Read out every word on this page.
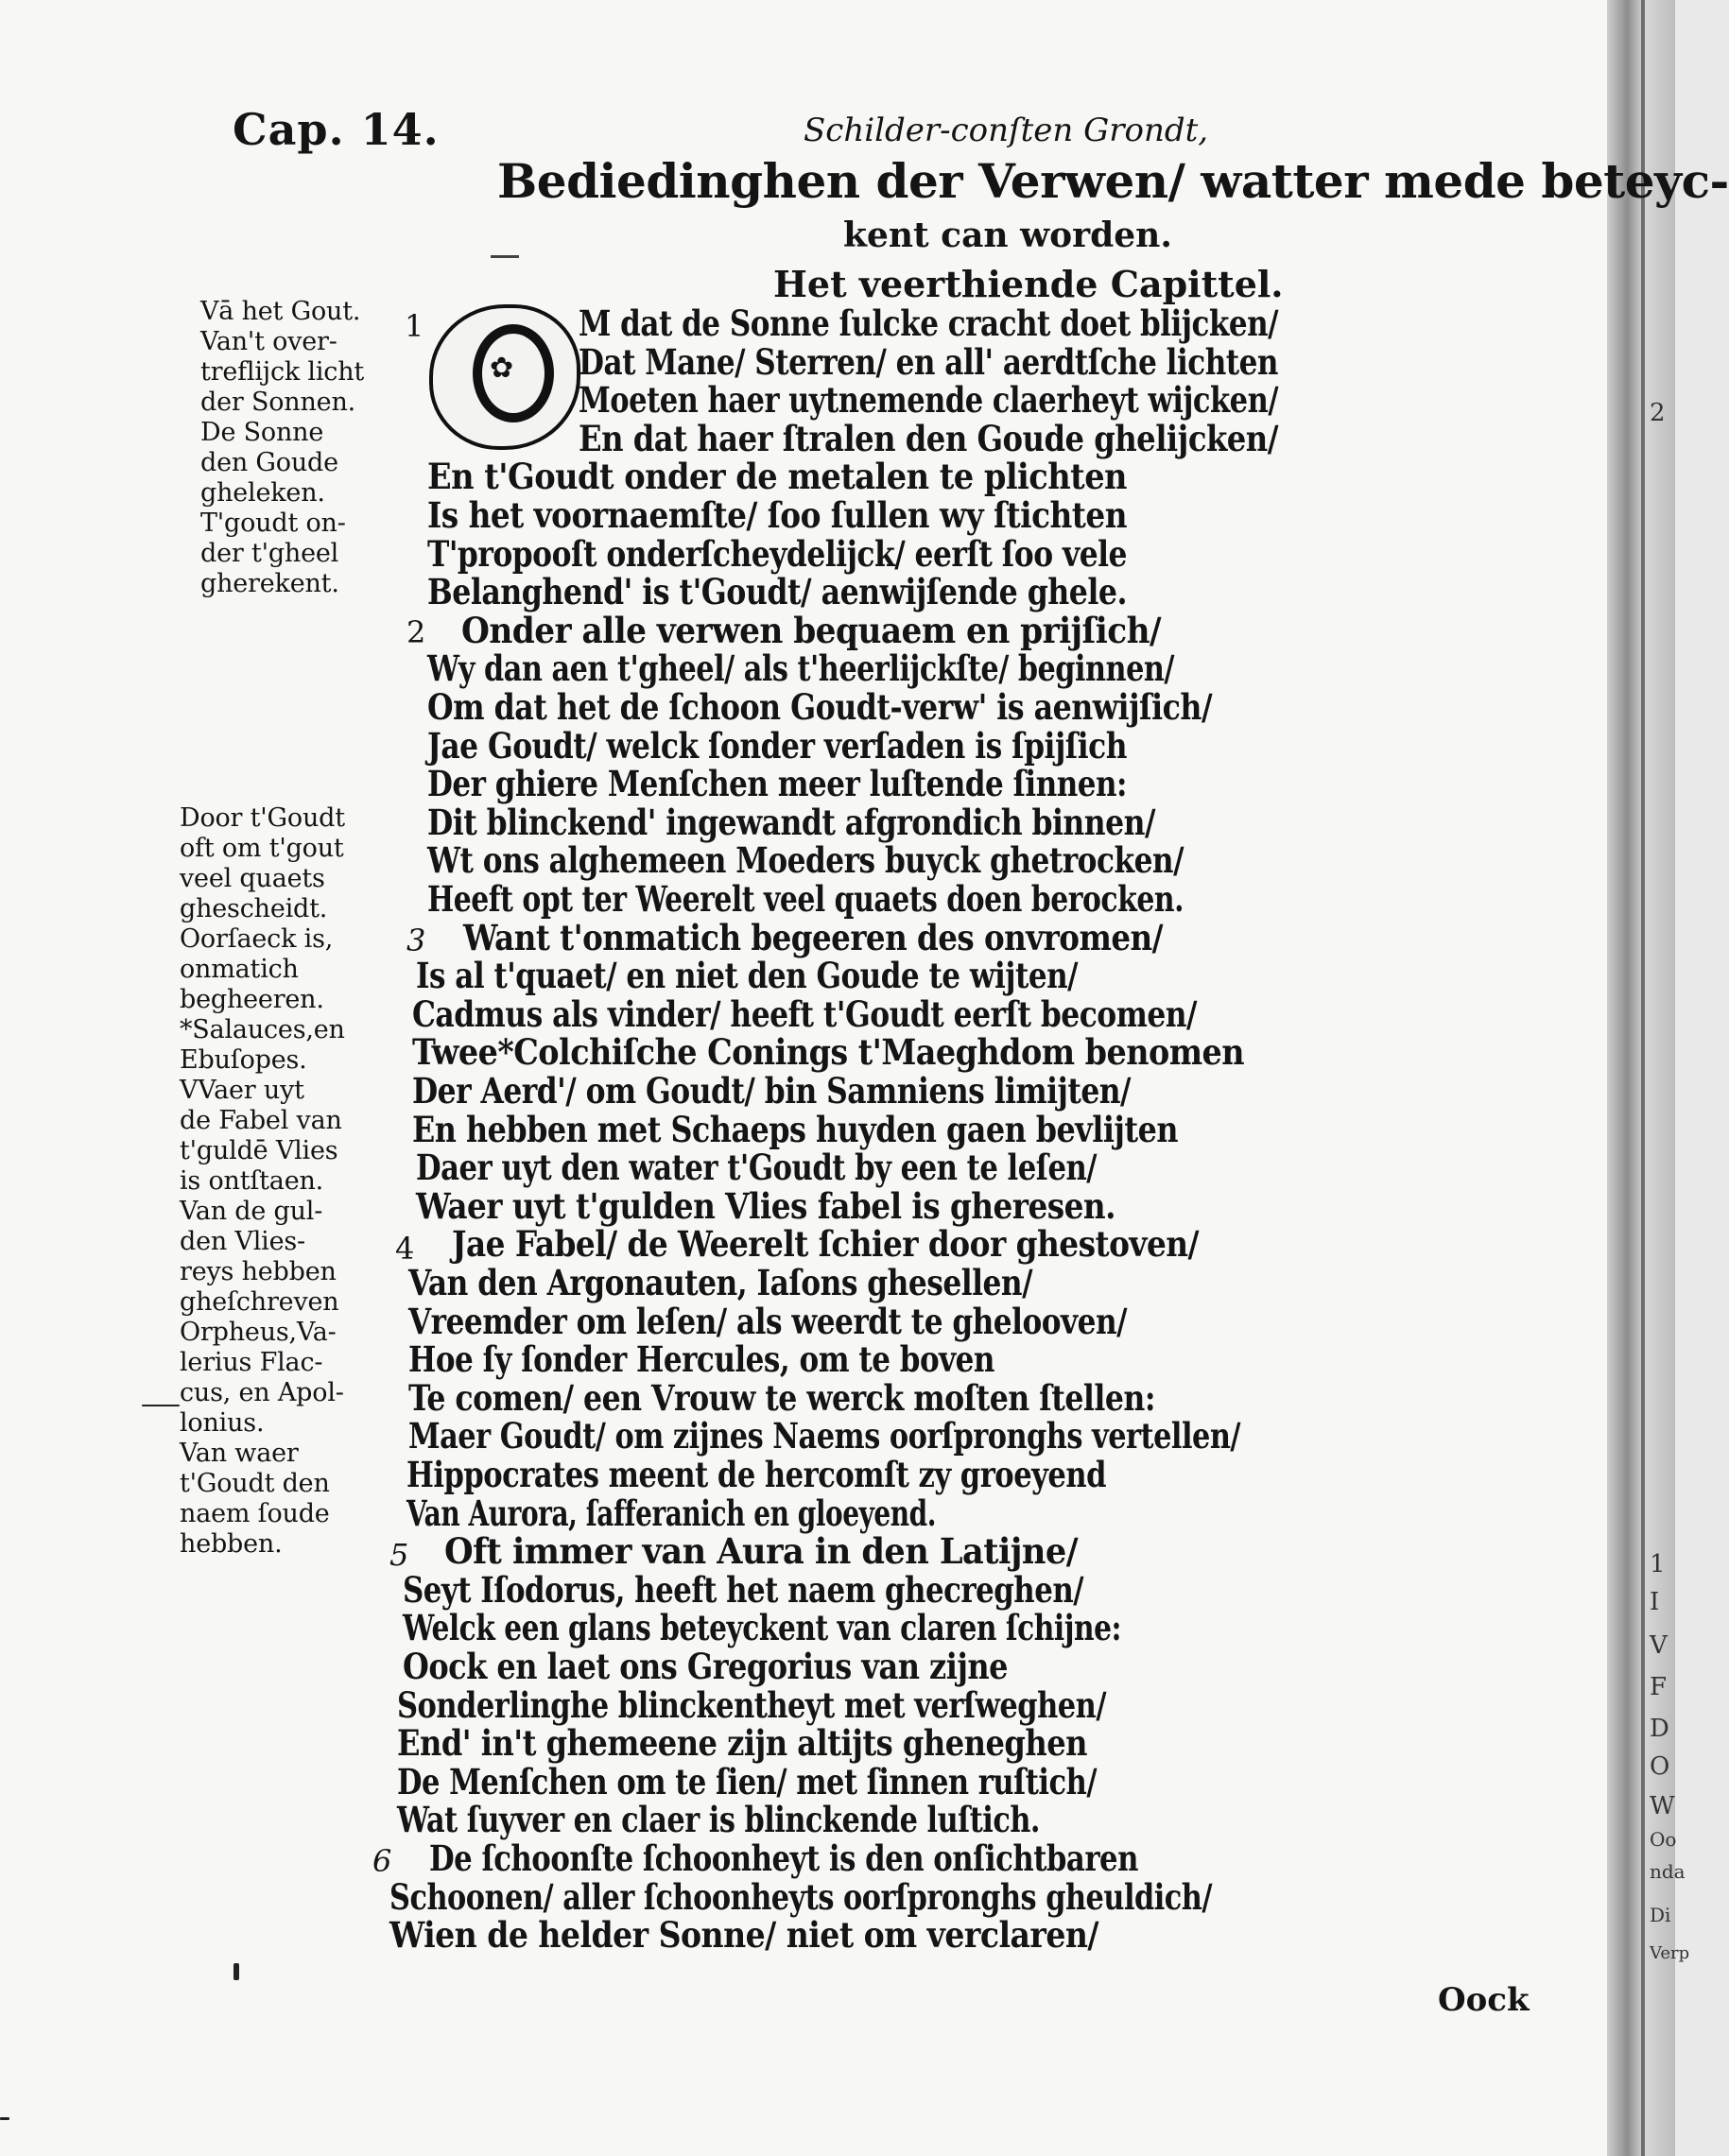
2
1
I
V
F
D
O
W
Oo
nda
Di
Verp
Cap. 14.	Schilder-conſten Grondt,
Bediedinghen der Verwen/ watter mede beteyc-
kent can worden.
Het veerthiende Capittel.
✿
1
2
3
4
5
6
M dat de Sonne ſulcke cracht doet blijcken/
Dat Mane/ Sterren/ en all' aerdtſche lichten
Moeten haer uytnemende claerheyt wijcken/
En dat haer ſtralen den Goude ghelijcken/
En t'Goudt onder de metalen te plichten
Is het voornaemſte/ ſoo ſullen wy ſtichten
T'propooſt onderſcheydelijck/ eerſt ſoo vele
Belanghend' is t'Goudt/ aenwijſende ghele.
Onder alle verwen bequaem en prijſich/
Wy dan aen t'gheel/ als t'heerlijckſte/ beginnen/
Om dat het de ſchoon Goudt-verw' is aenwijſich/
Jae Goudt/ welck ſonder verſaden is ſpijſich
Der ghiere Menſchen meer luſtende ſinnen:
Dit blinckend' ingewandt afgrondich binnen/
Wt ons alghemeen Moeders buyck ghetrocken/
Heeft opt ter Weerelt veel quaets doen berocken.
Want t'onmatich begeeren des onvromen/
Is al t'quaet/ en niet den Goude te wijten/
Cadmus als vinder/ heeft t'Goudt eerſt becomen/
Twee*Colchiſche Conings t'Maeghdom benomen
Der Aerd'/ om Goudt/ bin Samniens limijten/
En hebben met Schaeps huyden gaen bevlijten
Daer uyt den water t'Goudt by een te leſen/
Waer uyt t'gulden Vlies fabel is gheresen.
Jae Fabel/ de Weerelt ſchier door ghestoven/
Van den Argonauten, Iaſons ghesellen/
Vreemder om leſen/ als weerdt te ghelooven/
Hoe ſy ſonder Hercules, om te boven
Te comen/ een Vrouw te werck moſten ſtellen:
Maer Goudt/ om zijnes Naems oorſpronghs vertellen/
Hippocrates meent de hercomſt zy groeyend
Van Aurora, ſafferanich en gloeyend.
Oft immer van Aura in den Latijne/
Seyt Iſodorus, heeft het naem ghecreghen/
Welck een glans beteyckent van claren ſchijne:
Oock en laet ons Gregorius van zijne
Sonderlinghe blinckentheyt met verſweghen/
End' in't ghemeene zijn altijts gheneghen
De Menſchen om te ſien/ met ſinnen ruſtich/
Wat ſuyver en claer is blinckende luſtich.
De ſchoonſte ſchoonheyt is den onſichtbaren
Schoonen/ aller ſchoonheyts oorſpronghs gheuldich/
Wien de helder Sonne/ niet om verclaren/
Vā het Gout.
Van't over-
treflijck licht
der Sonnen.
De Sonne
den Goude
gheleken.
T'goudt on-
der t'gheel
gherekent.
Door t'Goudt
oft om t'gout
veel quaets
ghescheidt.
Oorſaeck is,
onmatich
begheeren.
*Salauces,en
Ebuſopes.
VVaer uyt
de Fabel van
t'guldē Vlies
is ontſtaen.
Van de gul-
den Vlies-
reys hebben
gheſchreven
Orpheus,Va-
lerius Flac-
cus, en Apol-
lonius.
Van waer
t'Goudt den
naem ſoude
hebben.
Oock
